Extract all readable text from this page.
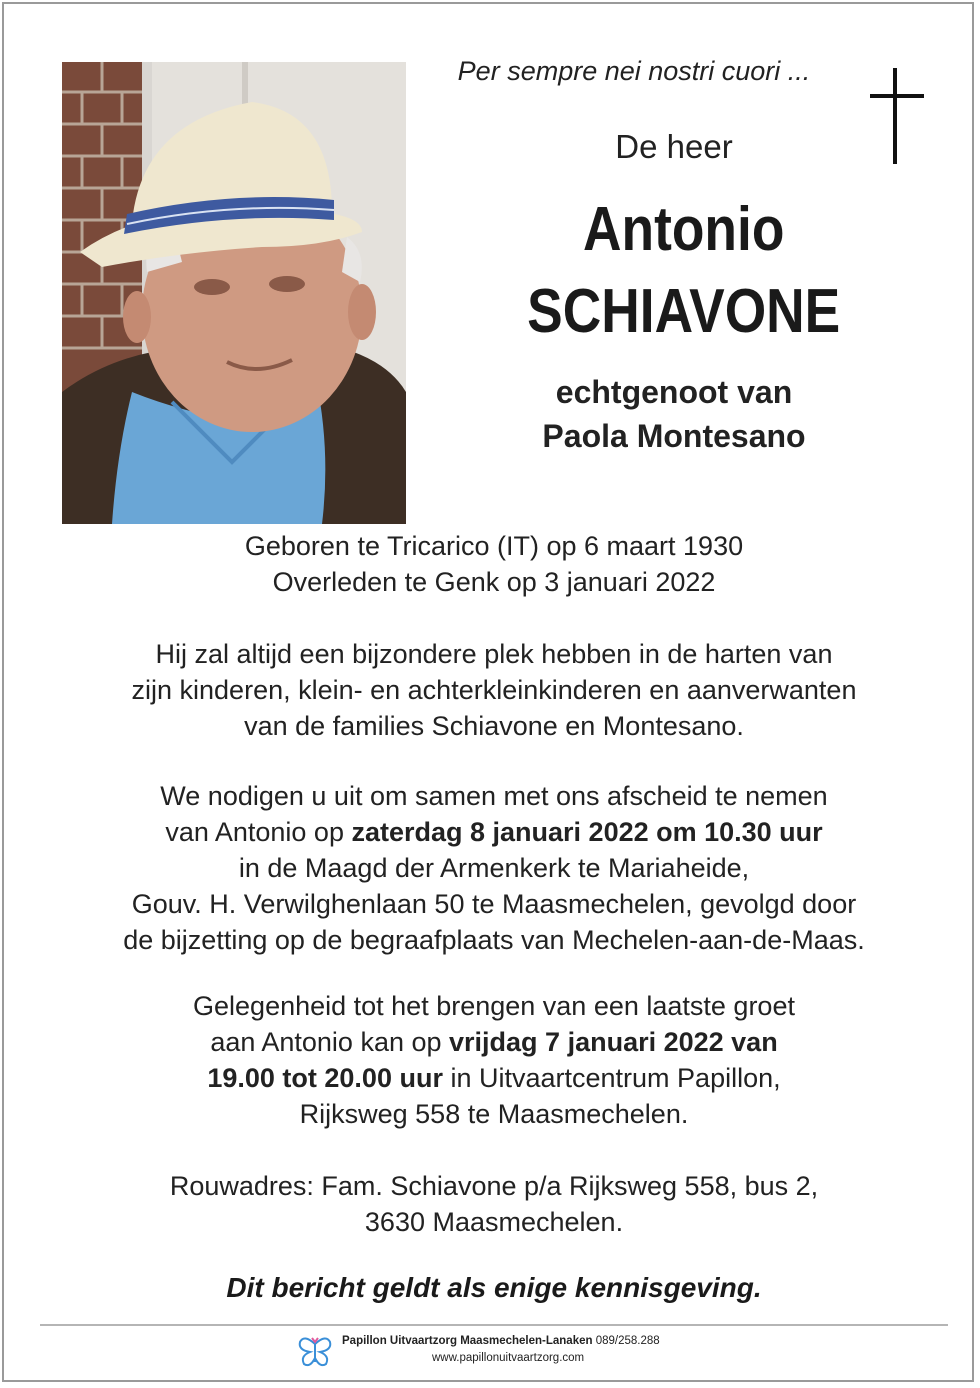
Per sempre nei nostri cuori ...
De heer
Antonio
SCHIAVONE
echtgenoot van
Paola Montesano
Geboren te Tricarico (IT) op 6 maart 1930
Overleden te Genk op 3 januari 2022
Hij zal altijd een bijzondere plek hebben in de harten van
zijn kinderen, klein- en achterkleinkinderen en aanverwanten
van de families Schiavone en Montesano.
We nodigen u uit om samen met ons afscheid te nemen
van Antonio op zaterdag 8 januari 2022 om 10.30 uur
in de Maagd der Armenkerk te Mariaheide,
Gouv. H. Verwilghenlaan 50 te Maasmechelen, gevolgd door
de bijzetting op de begraafplaats van Mechelen-aan-de-Maas.
Gelegenheid tot het brengen van een laatste groet
aan Antonio kan op vrijdag 7 januari 2022 van
19.00 tot 20.00 uur in Uitvaartcentrum Papillon,
Rijksweg 558 te Maasmechelen.
Rouwadres: Fam. Schiavone p/a Rijksweg 558, bus 2,
3630 Maasmechelen.
Dit bericht geldt als enige kennisgeving.
Papillon Uitvaartzorg Maasmechelen-Lanaken 089/258.288
www.papillonuitvaartzorg.com
